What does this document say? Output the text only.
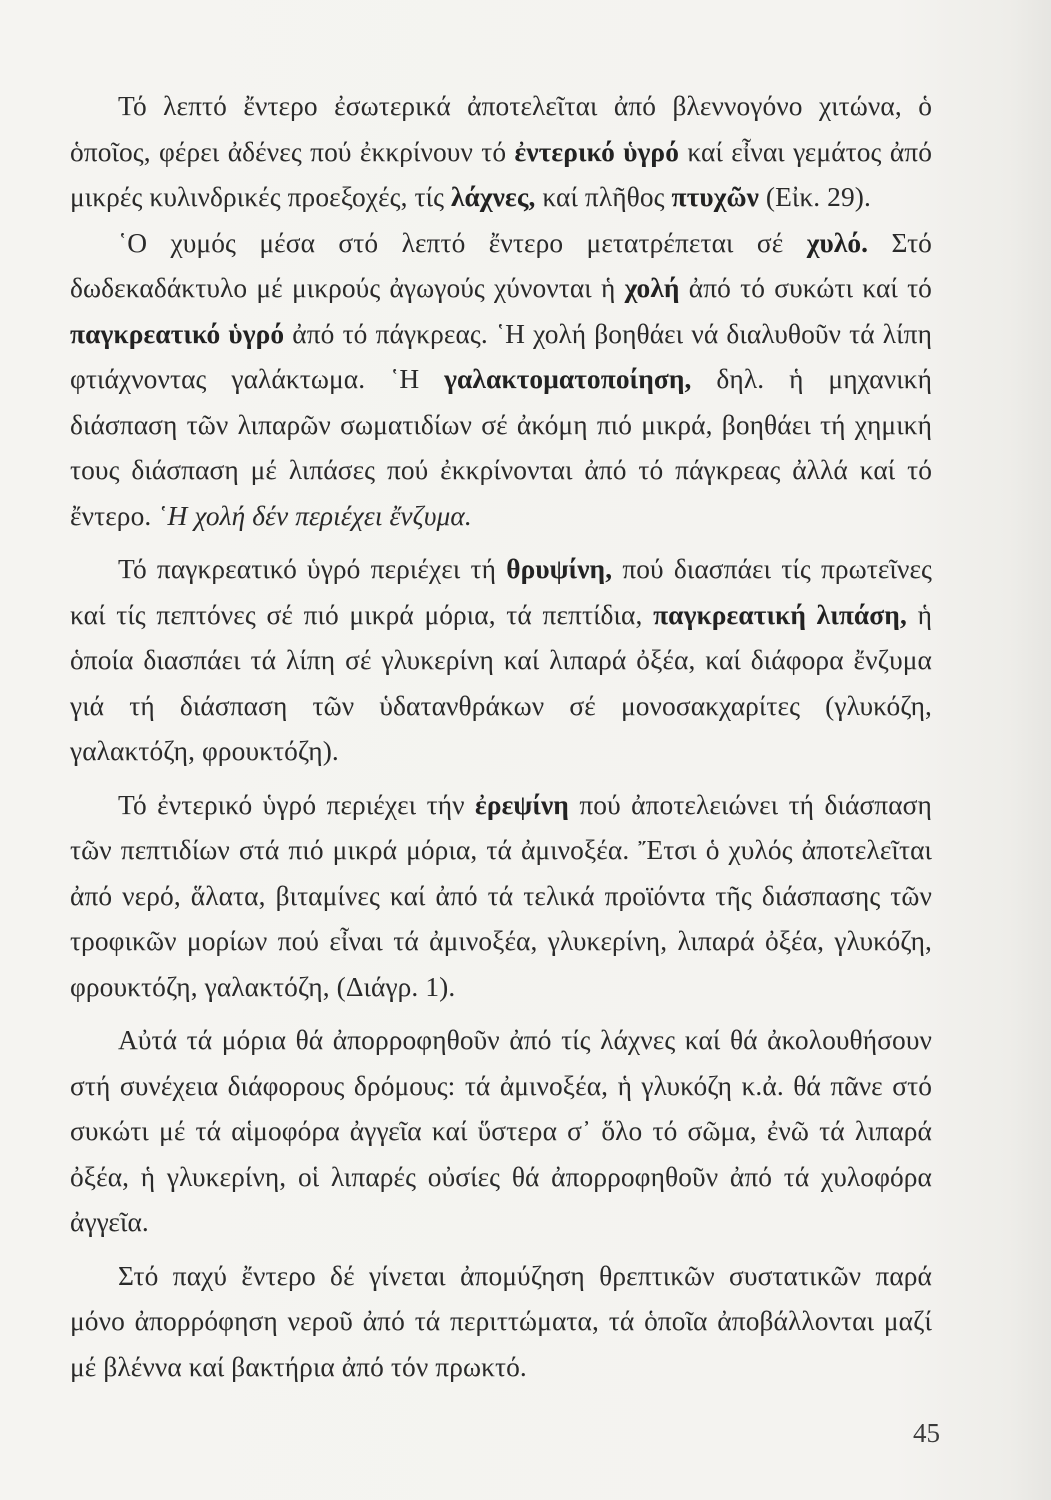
Τό λεπτό ἔντερο ἐσωτερικά ἀποτελεῖται ἀπό βλεννογόνο χιτώνα, ὁ ὁποῖος, φέρει ἀδένες πού ἐκκρίνουν τό ἐντερικό ὑγρό καί εἶναι γεμάτος ἀπό μικρές κυλινδρικές προεξοχές, τίς λάχνες, καί πλῆθος πτυχῶν (Εἰκ. 29).

῾Ο χυμός μέσα στό λεπτό ἔντερο μετατρέπεται σέ χυλό. Στό δωδεκαδάκτυλο μέ μικρούς ἀγωγούς χύνονται ἡ χολή ἀπό τό συκώτι καί τό παγκρεατικό ὑγρό ἀπό τό πάγκρεας. ῾Η χολή βοηθάει νά διαλυθοῦν τά λίπη φτιάχνοντας γαλάκτωμα. ῾Η γαλακτοματοποίηση, δηλ. ἡ μηχανική διάσπαση τῶν λιπαρῶν σωματιδίων σέ ἀκόμη πιό μικρά, βοηθάει τή χημική τους διάσπαση μέ λιπάσες πού ἐκκρίνονται ἀπό τό πάγκρεας ἀλλά καί τό ἔντερο. ῾Η χολή δέν περιέχει ἔνζυμα.

Τό παγκρεατικό ὑγρό περιέχει τή θρυψίνη, πού διασπάει τίς πρωτεῖνες καί τίς πεπτόνες σέ πιό μικρά μόρια, τά πεπτίδια, παγκρεατική λιπάση, ἡ ὁποία διασπάει τά λίπη σέ γλυκερίνη καί λιπαρά ὀξέα, καί διάφορα ἔνζυμα γιά τή διάσπαση τῶν ὑδατανθράκων σέ μονοσακχαρίτες (γλυκόζη, γαλακτόζη, φρουκτόζη).

Τό ἐντερικό ὑγρό περιέχει τήν ἐρεψίνη πού ἀποτελειώνει τή διάσπαση τῶν πεπτιδίων στά πιό μικρά μόρια, τά ἀμινοξέα. Ἔτσι ὁ χυλός ἀποτελεῖται ἀπό νερό, ἅλατα, βιταμίνες καί ἀπό τά τελικά προϊόντα τῆς διάσπασης τῶν τροφικῶν μορίων πού εἶναι τά ἀμινοξέα, γλυκερίνη, λιπαρά ὀξέα, γλυκόζη, φρουκτόζη, γαλακτόζη, (Διάγρ. 1).

Αὐτά τά μόρια θά ἀπορροφηθοῦν ἀπό τίς λάχνες καί θά ἀκολουθήσουν στή συνέχεια διάφορους δρόμους: τά ἀμινοξέα, ἡ γλυκόζη κ.ἀ. θά πᾶνε στό συκώτι μέ τά αἱμοφόρα ἀγγεῖα καί ὕστερα σ᾽ ὅλο τό σῶμα, ἐνῶ τά λιπαρά ὀξέα, ἡ γλυκερίνη, οἱ λιπαρές οὐσίες θά ἀπορροφηθοῦν ἀπό τά χυλοφόρα ἀγγεῖα.

Στό παχύ ἔντερο δέ γίνεται ἀπομύζηση θρεπτικῶν συστατικῶν παρά μόνο ἀπορρόφηση νεροῦ ἀπό τά περιττώματα, τά ὁποῖα ἀποβάλλονται μαζί μέ βλέννα καί βακτήρια ἀπό τόν πρωκτό.

45
